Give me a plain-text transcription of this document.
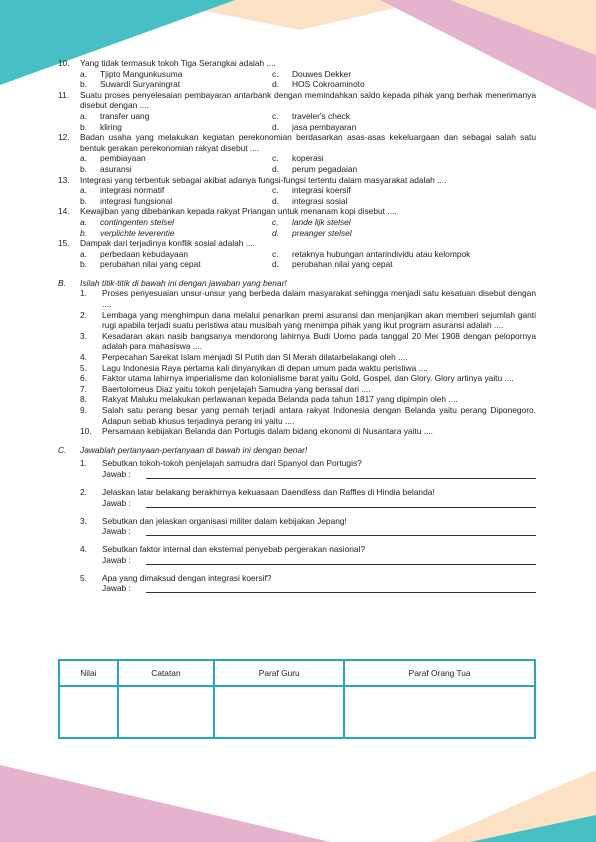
10. Yang tidak termasuk tokoh Tiga Serangkai adalah ....
a. Tjipto Mangunkusuma	c. Douwes Dekker
b. Suwardi Suryaningrat	d. HOS Cokroaminoto
11. Suatu proses penyelesaian pembayaran antarbank dengan memindahkan saldo kepada pihak yang berhak menerimanya disebut dengan ....
a. transfer uang	c. traveler's check
b. kliring	d. jasa pembayaran
12. Badan usaha yang melakukan kegiatan perekonomian berdasarkan asas-asas kekeluargaan dan sebagai salah satu bentuk gerakan perekonomian rakyat disebut ....
a. pembiayaan	c. koperasi
b. asuransi	d. perum pegadaian
13. Integrasi yang terbentuk sebagai akibat adanya fungsi-fungsi tertentu dalam masyarakat adalah ....
a. integrasi normatif	c. integrasi koersif
b. integrasi fungsional	d. integrasi sosial
14. Kewajiban yang dibebankan kepada rakyat Priangan untuk menanam kopi disebut ....
a. contingenten stelsel	c. lande lijk stelsel
b. verplichte leverentie	d. preanger stelsel
15. Dampak dari terjadinya konflik sosial adalah ....
a. perbedaan kebudayaan	c. retaknya hubungan antarindividu atau kelompok
b. perubahan nilai yang cepat	d. perubahan nilai yang cepat
B. Isilah titik-titik di bawah ini dengan jawaban yang benar!
1. Proses penyesuaian unsur-unsur yang berbeda dalam masyarakat sehingga menjadi satu kesatuan disebut dengan ....
2. Lembaga yang menghimpun dana melalui penarikan premi asuransi dan menjanjikan akan memberi sejumlah ganti rugi apabila terjadi suatu peristiwa atau musibah yang menimpa pihak yang ikut program asuransi adalah ....
3. Kesadaran akan nasib bangsanya mendorong lahirnya Budi Uomo pada tanggal 20 Mei 1908 dengan pelopornya adalah para mahasiswa ....
4. Perpecahan Sarekat Islam menjadi SI Putih dan SI Merah dilatarbelakangi oleh ....
5. Lagu Indonesia Raya pertama kali dinyanyikan di depan umum pada waktu peristiwa ....
6. Faktor utama lahirnya imperialisme dan kolonialisme barat yaitu Gold, Gospel, dan Glory. Glory artinya yaitu ....
7. Baertolomeus Diaz yaitu tokoh penjelajah Samudra yang berasal dari ....
8. Rakyat Maluku melakukan perlawanan kepada Belanda pada tahun 1817 yang dipimpin oleh ....
9. Salah satu perang besar yang pernah terjadi antara rakyat Indonesia dengan Belanda yaitu perang Diponegoro. Adapun sebab khusus terjadinya perang ini yaitu ....
10. Persamaan kebijakan Belanda dan Portugis dalam bidang ekonomi di Nusantara yaitu ....
C. Jawablah pertanyaan-pertanyaan di bawah ini dengan benar!
1. Sebutkan tokoh-tokoh penjelajah samudra dari Spanyol dan Portugis?
Jawab :
2. Jelaskan latar belakang berakhirnya kekuasaan Daendless dan Raffles di Hindia belanda!
Jawab :
3. Sebutkan dan jelaskan organisasi militer dalam kebijakan Jepang!
Jawab :
4. Sebutkan faktor internal dan eksternal penyebab pergerakan nasional?
Jawab :
5. Apa yang dimaksud dengan integrasi koersif?
Jawab :
Nilai	Catatan	Paraf Guru	Paraf Orang Tua
